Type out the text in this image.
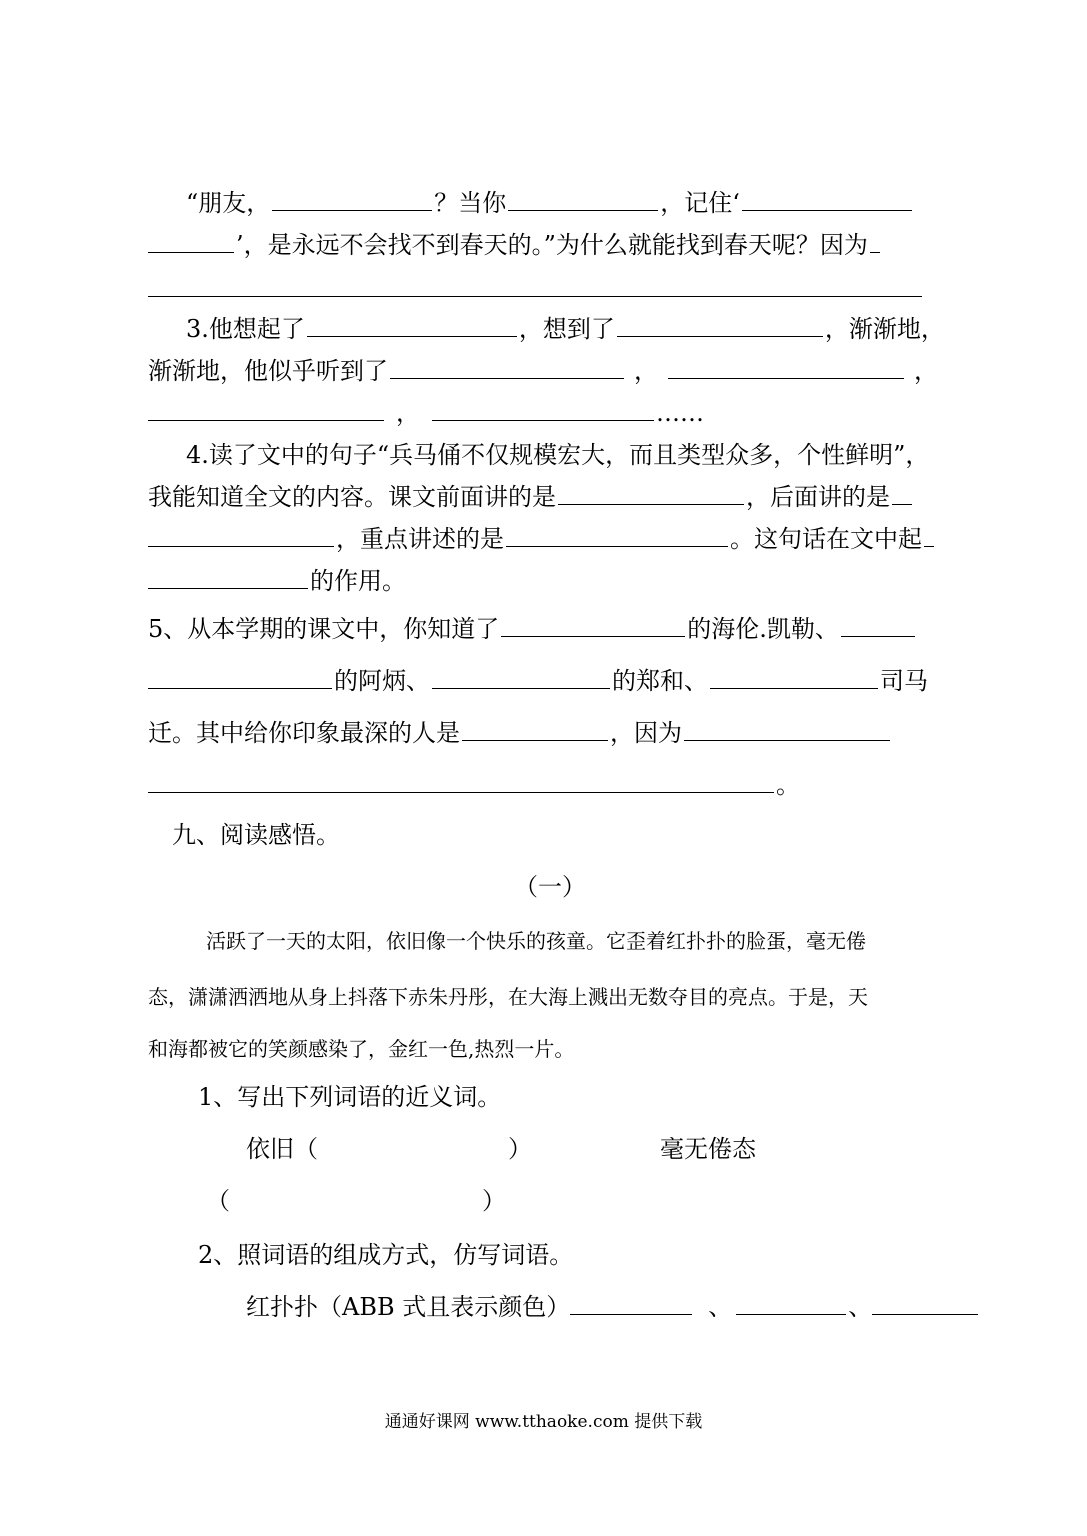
“朋友，	？当你	，记住‘
’，是永远不会找不到春天的。”为什么就能找到春天呢？因为
3.他想起了	，想到了	，渐渐地，
渐渐地，他似乎听到了	，	，
，	……
4.读了文中的句子“兵马俑不仅规模宏大，而且类型众多，个性鲜明”，
我能知道全文的内容。课文前面讲的是	，后面讲的是
，重点讲述的是	。这句话在文中起
的作用。
5、从本学期的课文中，你知道了	的海伦.凯勒、
的阿炳、	的郑和、	司马
迁。其中给你印象最深的人是	，因为
。
九、阅读感悟。
（一）
活跃了一天的太阳，依旧像一个快乐的孩童。它歪着红扑扑的脸蛋，毫无倦
态，潇潇洒洒地从身上抖落下赤朱丹彤，在大海上溅出无数夺目的亮点。于是，天
和海都被它的笑颜感染了，金红一色,热烈一片。
1、写出下列词语的近义词。
依旧（	）	毫无倦态
（	）
2、照词语的组成方式，仿写词语。
红扑扑（ABB 式且表示颜色）	、	、
通通好课网 www.tthaoke.com 提供下载
